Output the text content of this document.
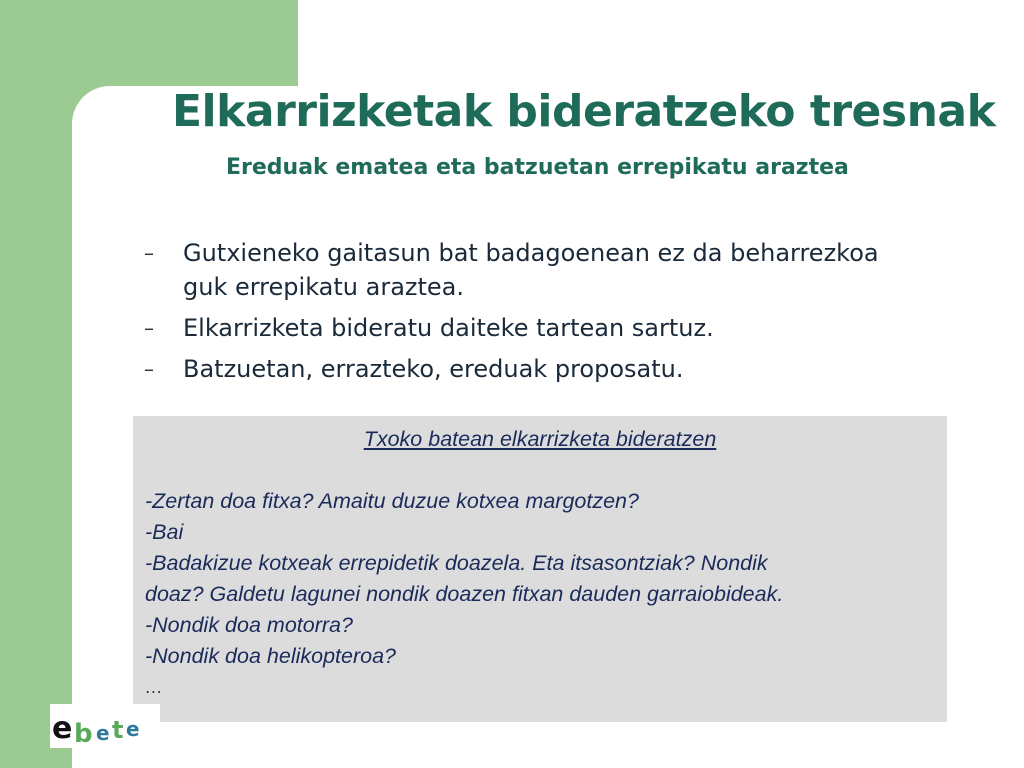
Elkarrizketak bideratzeko tresnak
Ereduak ematea eta batzuetan errepikatu araztea
– Gutxieneko gaitasun bat badagoenean ez da beharrezkoa
guk errepikatu araztea.
– Elkarrizketa bideratu daiteke tartean sartuz.
– Batzuetan, errazteko, ereduak proposatu.
Txoko batean elkarrizketa bideratzen
-Zertan doa fitxa? Amaitu duzue kotxea margotzen?
-Bai
-Badakizue kotxeak errepidetik doazela. Eta itsasontziak? Nondik
doaz? Galdetu lagunei nondik doazen fitxan dauden garraiobideak.
-Nondik doa motorra?
-Nondik doa helikopteroa?
…
e b e t e
